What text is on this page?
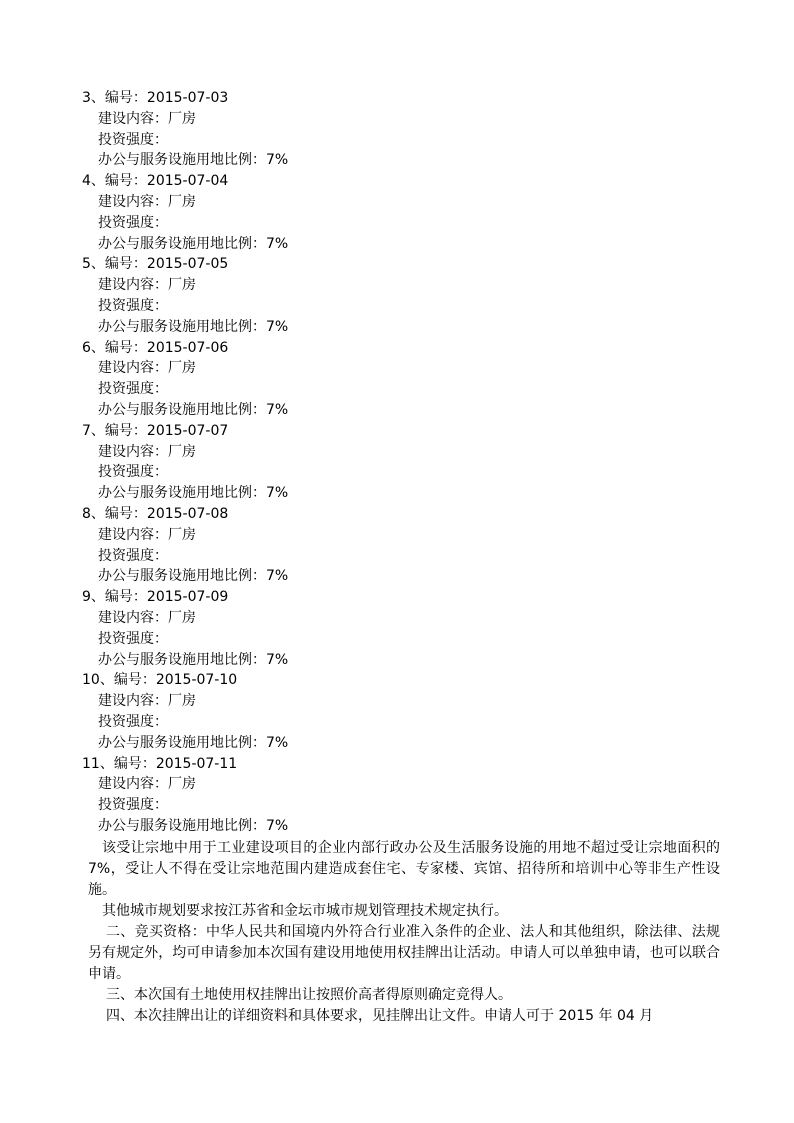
3、编号：2015-07-03
建设内容：厂房
投资强度：
办公与服务设施用地比例：7%
4、编号：2015-07-04
建设内容：厂房
投资强度：
办公与服务设施用地比例：7%
5、编号：2015-07-05
建设内容：厂房
投资强度：
办公与服务设施用地比例：7%
6、编号：2015-07-06
建设内容：厂房
投资强度：
办公与服务设施用地比例：7%
7、编号：2015-07-07
建设内容：厂房
投资强度：
办公与服务设施用地比例：7%
8、编号：2015-07-08
建设内容：厂房
投资强度：
办公与服务设施用地比例：7%
9、编号：2015-07-09
建设内容：厂房
投资强度：
办公与服务设施用地比例：7%
10、编号：2015-07-10
建设内容：厂房
投资强度：
办公与服务设施用地比例：7%
11、编号：2015-07-11
建设内容：厂房
投资强度：
办公与服务设施用地比例：7%

该受让宗地中用于工业建设项目的企业内部行政办公及生活服务设施的用地不超过受让宗地面积的 7%，受让人不得在受让宗地范围内建造成套住宅、专家楼、宾馆、招待所和培训中心等非生产性设施。

其他城市规划要求按江苏省和金坛市城市规划管理技术规定执行。

二、竞买资格：中华人民共和国境内外符合行业准入条件的企业、法人和其他组织，除法律、法规另有规定外，均可申请参加本次国有建设用地使用权挂牌出让活动。申请人可以单独申请，也可以联合申请。

三、本次国有土地使用权挂牌出让按照价高者得原则确定竞得人。

四、本次挂牌出让的详细资料和具体要求，见挂牌出让文件。申请人可于 2015 年 04 月
